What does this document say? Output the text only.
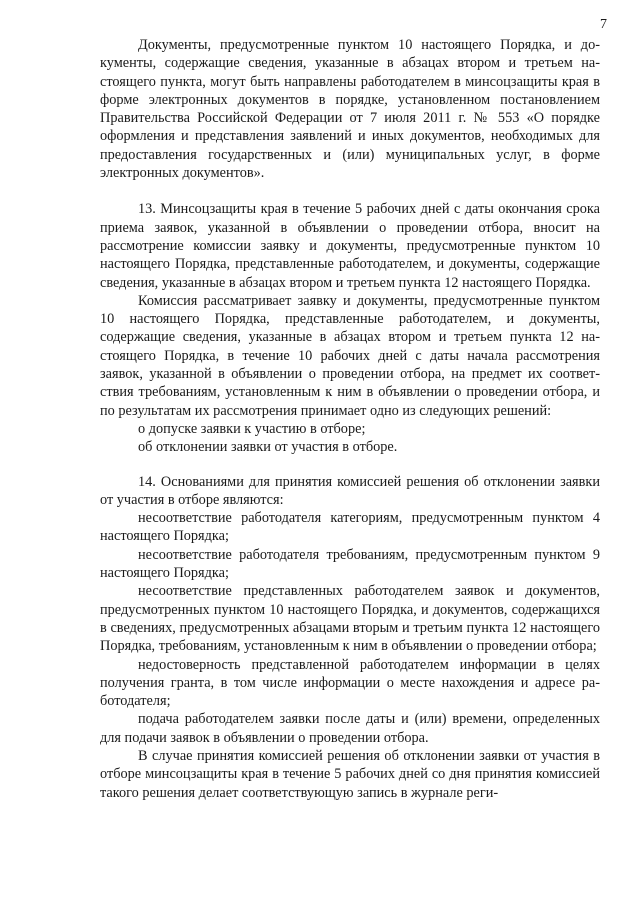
7

Документы, предусмотренные пунктом 10 настоящего Порядка, и документы, содержащие сведения, указанные в абзацах втором и третьем настоящего пункта, могут быть направлены работодателем в минсоцзащиты края в форме электронных документов в порядке, установленном постановлением Правительства Российской Федерации от 7 июля 2011 г. № 553 «О порядке оформления и представления заявлений и иных документов, необходимых для предоставления государственных и (или) муниципальных услуг, в форме электронных документов».

13. Минсоцзащиты края в течение 5 рабочих дней с даты окончания срока приема заявок, указанной в объявлении о проведении отбора, вносит на рассмотрение комиссии заявку и документы, предусмотренные пунктом 10 настоящего Порядка, представленные работодателем, и документы, содержащие сведения, указанные в абзацах втором и третьем пункта 12 настоящего Порядка.

Комиссия рассматривает заявку и документы, предусмотренные пунктом 10 настоящего Порядка, представленные работодателем, и документы, содержащие сведения, указанные в абзацах втором и третьем пункта 12 настоящего Порядка, в течение 10 рабочих дней с даты начала рассмотрения заявок, указанной в объявлении о проведении отбора, на предмет их соответствия требованиям, установленным к ним в объявлении о проведении отбора, и по результатам их рассмотрения принимает одно из следующих решений:

о допуске заявки к участию в отборе;

об отклонении заявки от участия в отборе.

14. Основаниями для принятия комиссией решения об отклонении заявки от участия в отборе являются:

несоответствие работодателя категориям, предусмотренным пунктом 4 настоящего Порядка;

несоответствие работодателя требованиям, предусмотренным пунктом 9 настоящего Порядка;

несоответствие представленных работодателем заявок и документов, предусмотренных пунктом 10 настоящего Порядка, и документов, содержащихся в сведениях, предусмотренных абзацами вторым и третьим пункта 12 настоящего Порядка, требованиям, установленным к ним в объявлении о проведении отбора;

недостоверность представленной работодателем информации в целях получения гранта, в том числе информации о месте нахождения и адресе работодателя;

подача работодателем заявки после даты и (или) времени, определенных для подачи заявок в объявлении о проведении отбора.

В случае принятия комиссией решения об отклонении заявки от участия в отборе минсоцзащиты края в течение 5 рабочих дней со дня принятия комиссией такого решения делает соответствующую запись в журнале реги-
